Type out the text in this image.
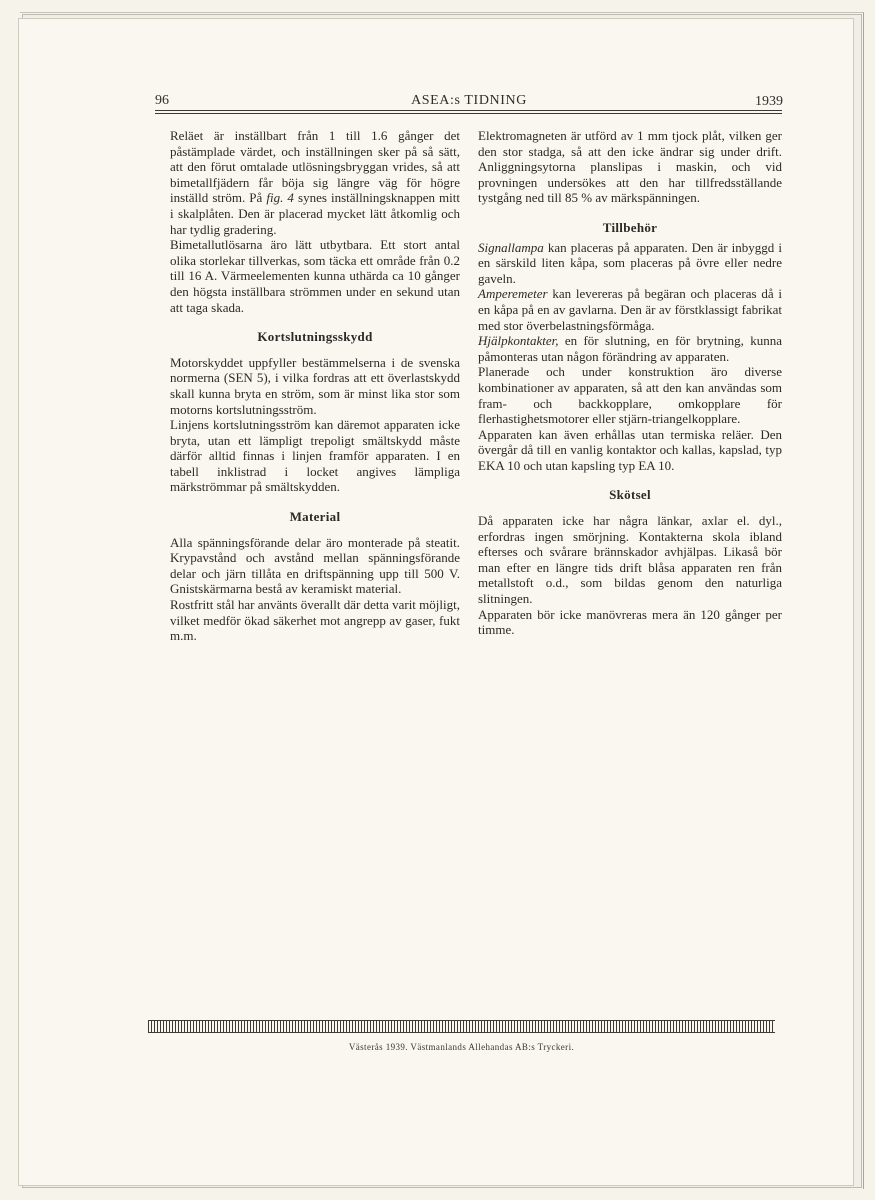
96	ASEA:s TIDNING	1939

Reläet är inställbart från 1 till 1.6 gånger det påstämplade värdet, och inställningen sker på så sätt, att den förut omtalade utlösningsbryggan vrides, så att bimetallfjädern får böja sig längre väg för högre inställd ström. På fig. 4 synes inställningsknappen mitt i skalplåten. Den är placerad mycket lätt åtkomlig och har tydlig gradering.

Bimetallutlösarna äro lätt utbytbara. Ett stort antal olika storlekar tillverkas, som täcka ett område från 0.2 till 16 A. Värmeelementen kunna uthärda ca 10 gånger den högsta inställbara strömmen under en sekund utan att taga skada.

Kortslutningsskydd

Motorskyddet uppfyller bestämmelserna i de svenska normerna (SEN 5), i vilka fordras att ett överlastskydd skall kunna bryta en ström, som är minst lika stor som motorns kortslutningsström.

Linjens kortslutningsström kan däremot apparaten icke bryta, utan ett lämpligt trepoligt smältskydd måste därför alltid finnas i linjen framför apparaten. I en tabell inklistrad i locket angives lämpliga märkströmmar på smältskydden.

Material

Alla spänningsförande delar äro monterade på steatit. Krypavstånd och avstånd mellan spänningsförande delar och järn tillåta en driftspänning upp till 500 V. Gnistskärmarna bestå av keramiskt material.

Rostfritt stål har använts överallt där detta varit möjligt, vilket medför ökad säkerhet mot angrepp av gaser, fukt m.m.

Elektromagneten är utförd av 1 mm tjock plåt, vilken ger den stor stadga, så att den icke ändrar sig under drift. Anliggningsytorna planslipas i maskin, och vid provningen undersökes att den har tillfredsställande tystgång ned till 85 % av märkspänningen.

Tillbehör

Signallampa kan placeras på apparaten. Den är inbyggd i en särskild liten kåpa, som placeras på övre eller nedre gaveln.

Amperemeter kan levereras på begäran och placeras då i en kåpa på en av gavlarna. Den är av förstklassigt fabrikat med stor överbelastningsförmåga.

Hjälpkontakter, en för slutning, en för brytning, kunna påmonteras utan någon förändring av apparaten.

Planerade och under konstruktion äro diverse kombinationer av apparaten, så att den kan användas som fram- och backkopplare, omkopplare för flerhastighetsmotorer eller stjärn-triangelkopplare.

Apparaten kan även erhållas utan termiska reläer. Den övergår då till en vanlig kontaktor och kallas, kapslad, typ EKA 10 och utan kapsling typ EA 10.

Skötsel

Då apparaten icke har några länkar, axlar el. dyl., erfordras ingen smörjning. Kontakterna skola ibland efterses och svårare brännskador avhjälpas. Likaså bör man efter en längre tids drift blåsa apparaten ren från metallstoft o.d., som bildas genom den naturliga slitningen.

Apparaten bör icke manövreras mera än 120 gånger per timme.

Västerås 1939. Västmanlands Allehandas AB:s Tryckeri.
